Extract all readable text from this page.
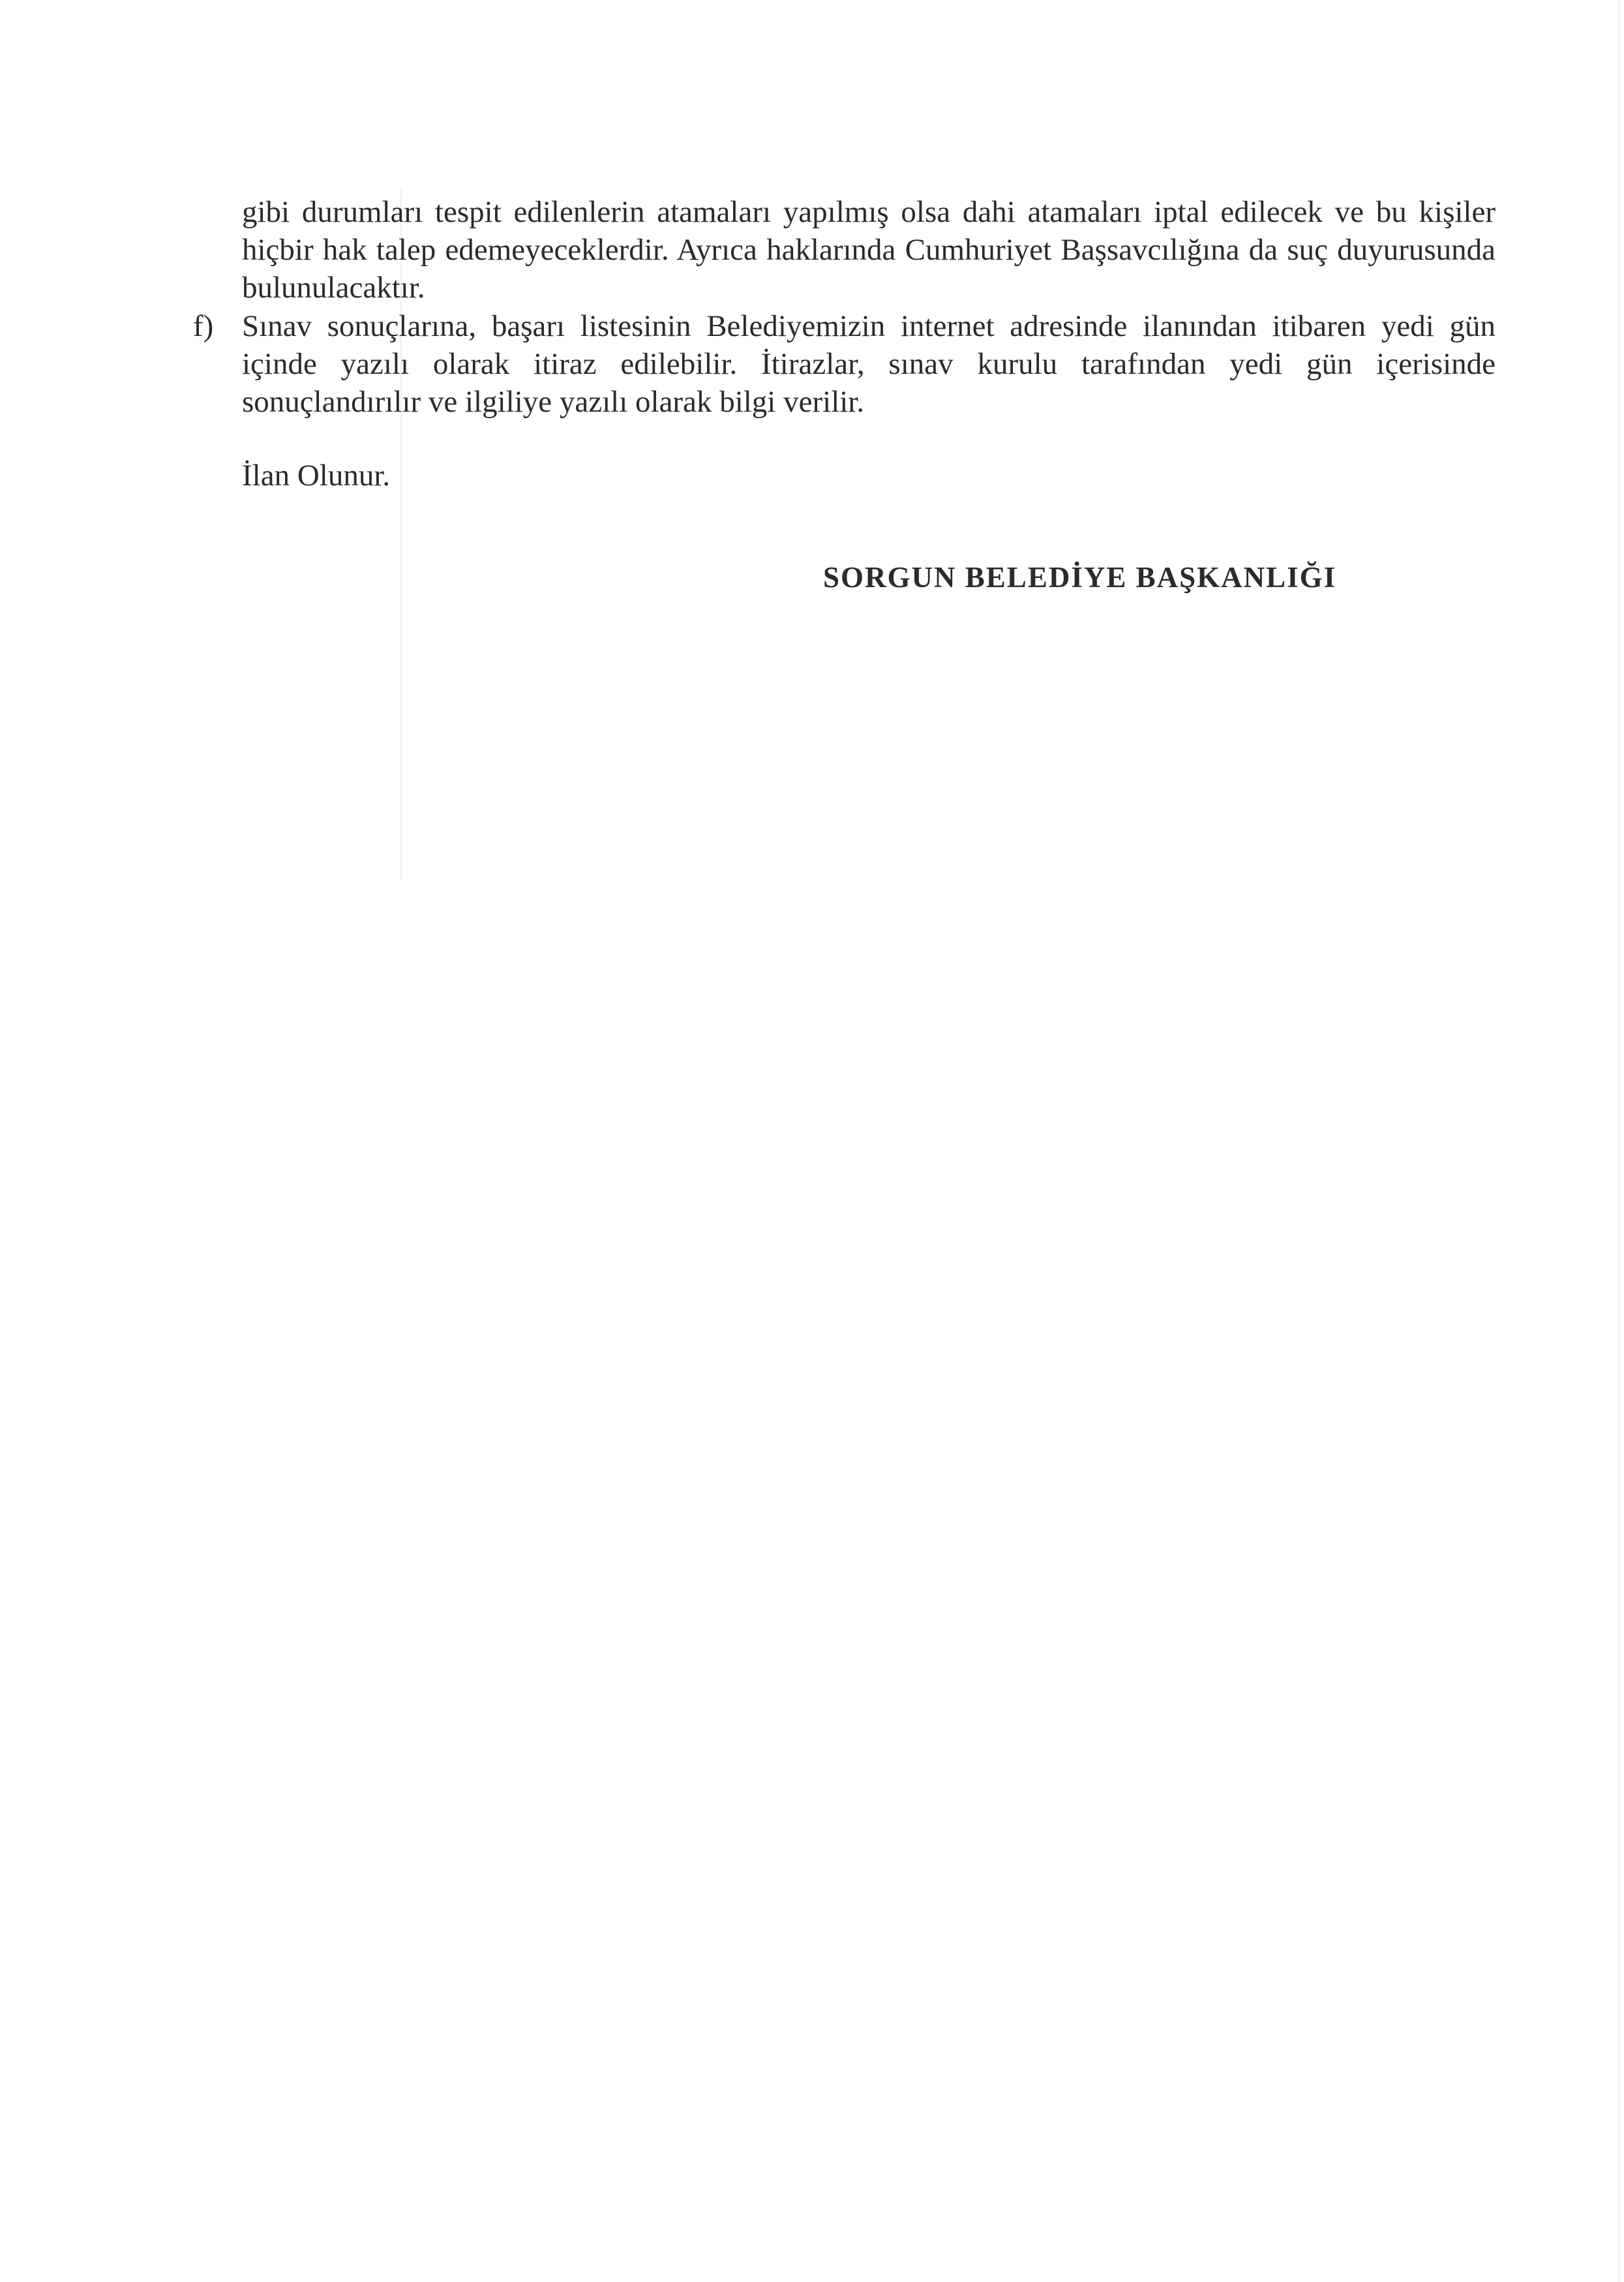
gibi durumları tespit edilenlerin atamaları yapılmış olsa dahi atamaları iptal edilecek ve bu kişiler hiçbir hak talep edemeyeceklerdir. Ayrıca haklarında Cumhuriyet Başsavcılığına da suç duyurusunda bulunulacaktır.

f) Sınav sonuçlarına, başarı listesinin Belediyemizin internet adresinde ilanından itibaren yedi gün içinde yazılı olarak itiraz edilebilir. İtirazlar, sınav kurulu tarafından yedi gün içerisinde sonuçlandırılır ve ilgiliye yazılı olarak bilgi verilir.

İlan Olunur.

SORGUN BELEDİYE BAŞKANLIĞI
